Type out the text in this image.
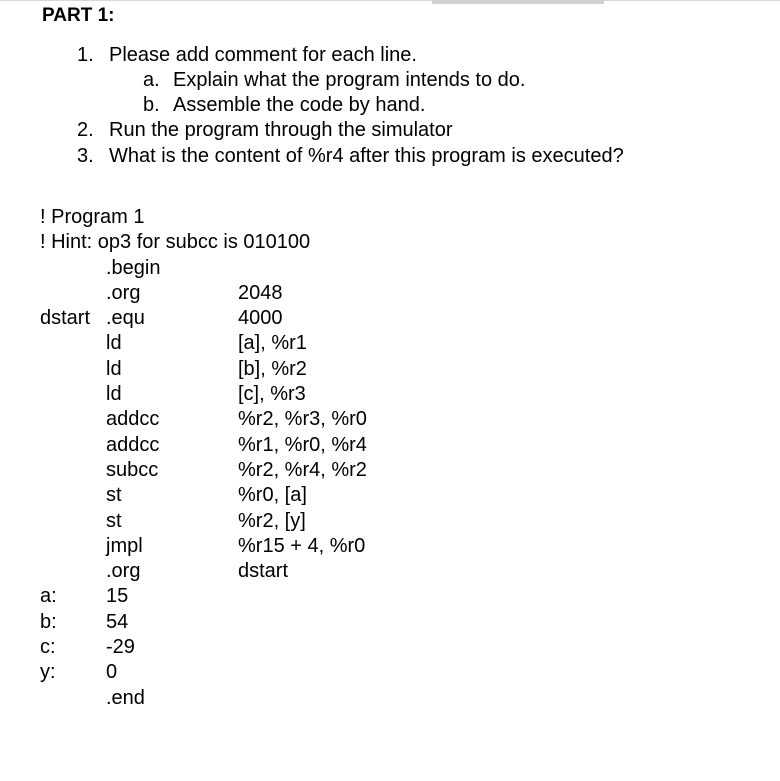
PART 1:
1. Please add comment for each line.
a. Explain what the program intends to do.
b. Assemble the code by hand.
2. Run the program through the simulator
3. What is the content of %r4 after this program is executed?
! Program 1
! Hint: op3 for subcc is 010100
.begin
.org	2048
dstart .equ	4000
ld	[a], %r1
ld	[b], %r2
ld	[c], %r3
addcc	%r2, %r3, %r0
addcc	%r1, %r0, %r4
subcc	%r2, %r4, %r2
st	%r0, [a]
st	%r2, [y]
jmpl	%r15 + 4, %r0
.org	dstart
a: 15
b: 54
c:	-29
y:	0
.end
